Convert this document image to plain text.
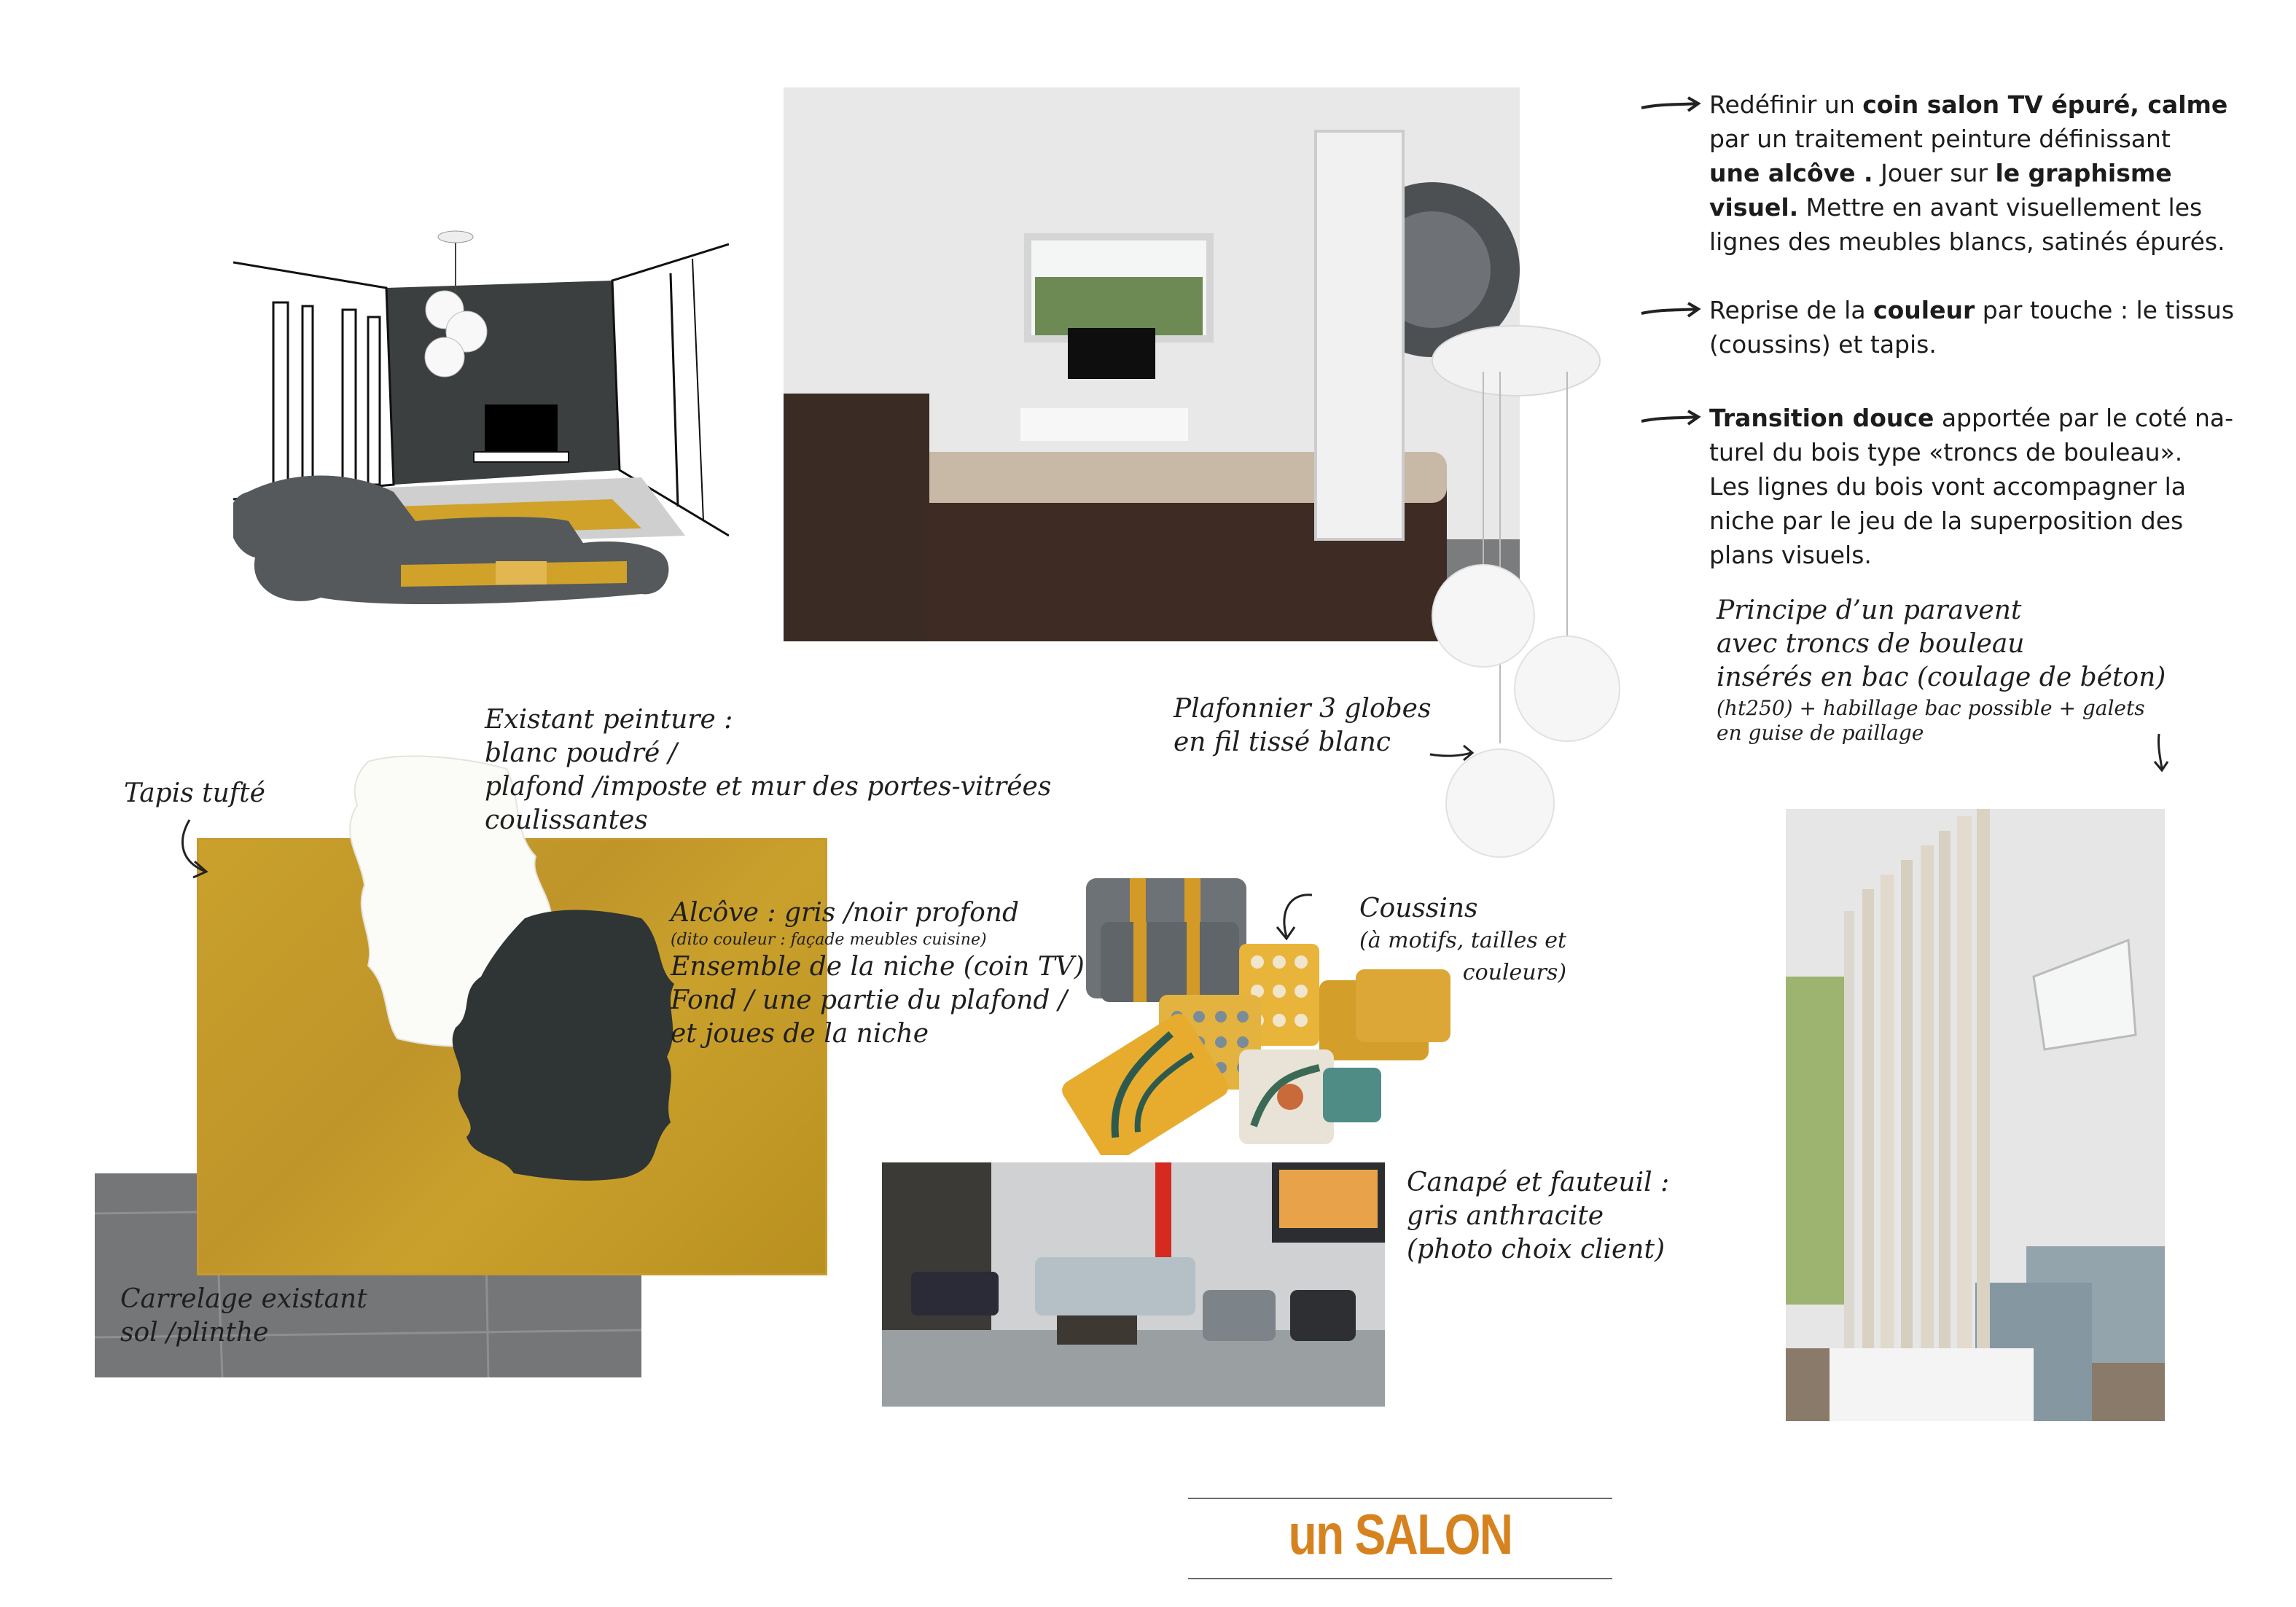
Redéfinir un coin salon TV épuré, calme
par un traitement peinture définissant
une alcôve . Jouer sur le graphisme
visuel. Mettre en avant visuellement les
lignes des meubles blancs, satinés épurés.
Reprise de la couleur par touche : le tissus
(coussins) et tapis.
Transition douce apportée par le coté na-
turel du bois type «troncs de bouleau».
Les lignes du bois vont accompagner la
niche par le jeu de la superposition des
plans visuels.
Principe d’un paravent
avec troncs de bouleau
insérés en bac (coulage de béton)
(ht250) + habillage bac possible + galets
en guise de paillage
Plafonnier 3 globes
en fil tissé blanc
Existant peinture :
blanc poudré /
plafond /imposte et mur des portes-vitrées
coulissantes
Tapis tufté
Alcôve : gris /noir profond
(dito couleur : façade meubles cuisine)
Ensemble de la niche (coin TV)
Fond / une partie du plafond /
et joues de la niche
Carrelage existant
sol /plinthe
Coussins
(à motifs, tailles et
couleurs)
Canapé et fauteuil :
gris anthracite
(photo choix client)
un SALON
